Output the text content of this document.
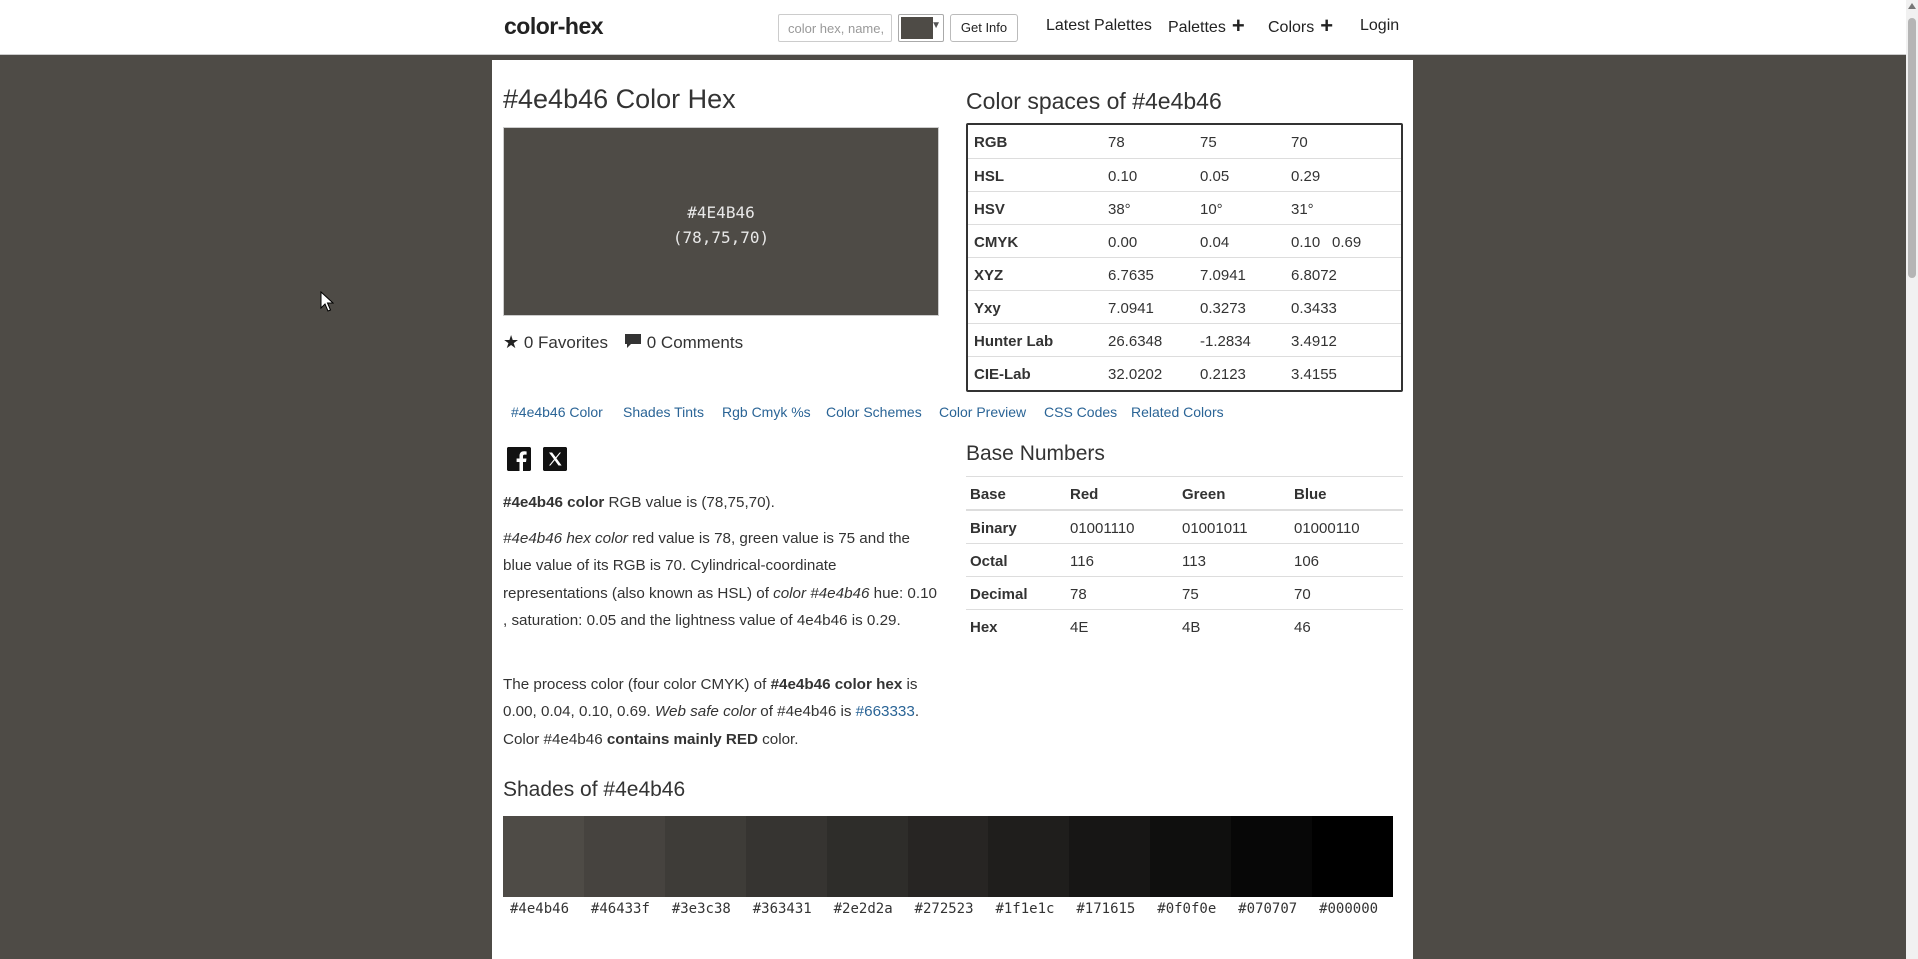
color-hex	color hex, name,	▼	Get Info	Latest Palettes Palettes + Colors + Login
#4e4b46 Color Hex
#4E4B46
(78,75,70)
★ 0 Favorites	0 Comments
Color spaces of #4e4b46
RGB	78	75	70
HSL	0.10	0.05	0.29
HSV	38°	10°	31°
CMYK	0.00	0.04	0.10 0.69
XYZ	6.7635	7.0941	6.8072
Yxy	7.0941	0.3273	0.3433
Hunter Lab	26.6348	-1.2834	3.4912
CIE-Lab	32.0202	0.2123	3.4155
#4e4b46 Color Shades Tints Rgb Cmyk %s Color Schemes Color Preview CSS Codes Related Colors

#4e4b46 color RGB value is (78,75,70).

#4e4b46 hex color red value is 78, green value is 75 and the blue value of its RGB is 70. Cylindrical-coordinate representations (also known as HSL) of color #4e4b46 hue: 0.10 , saturation: 0.05 and the lightness value of 4e4b46 is 0.29.

The process color (four color CMYK) of #4e4b46 color hex is 0.00, 0.04, 0.10, 0.69. Web safe color of #4e4b46 is #663333. Color #4e4b46 contains mainly RED color.

Base Numbers
Base	Red	Green	Blue
Binary	01001110	01001011	01000110
Octal	116	113	106
Decimal	78	75	70
Hex	4E	4B	46
Shades of #4e4b46
#4e4b46 #46433f #3e3c38 #363431 #2e2d2a #272523 #1f1e1c #171615 #0f0f0e #070707 #000000
